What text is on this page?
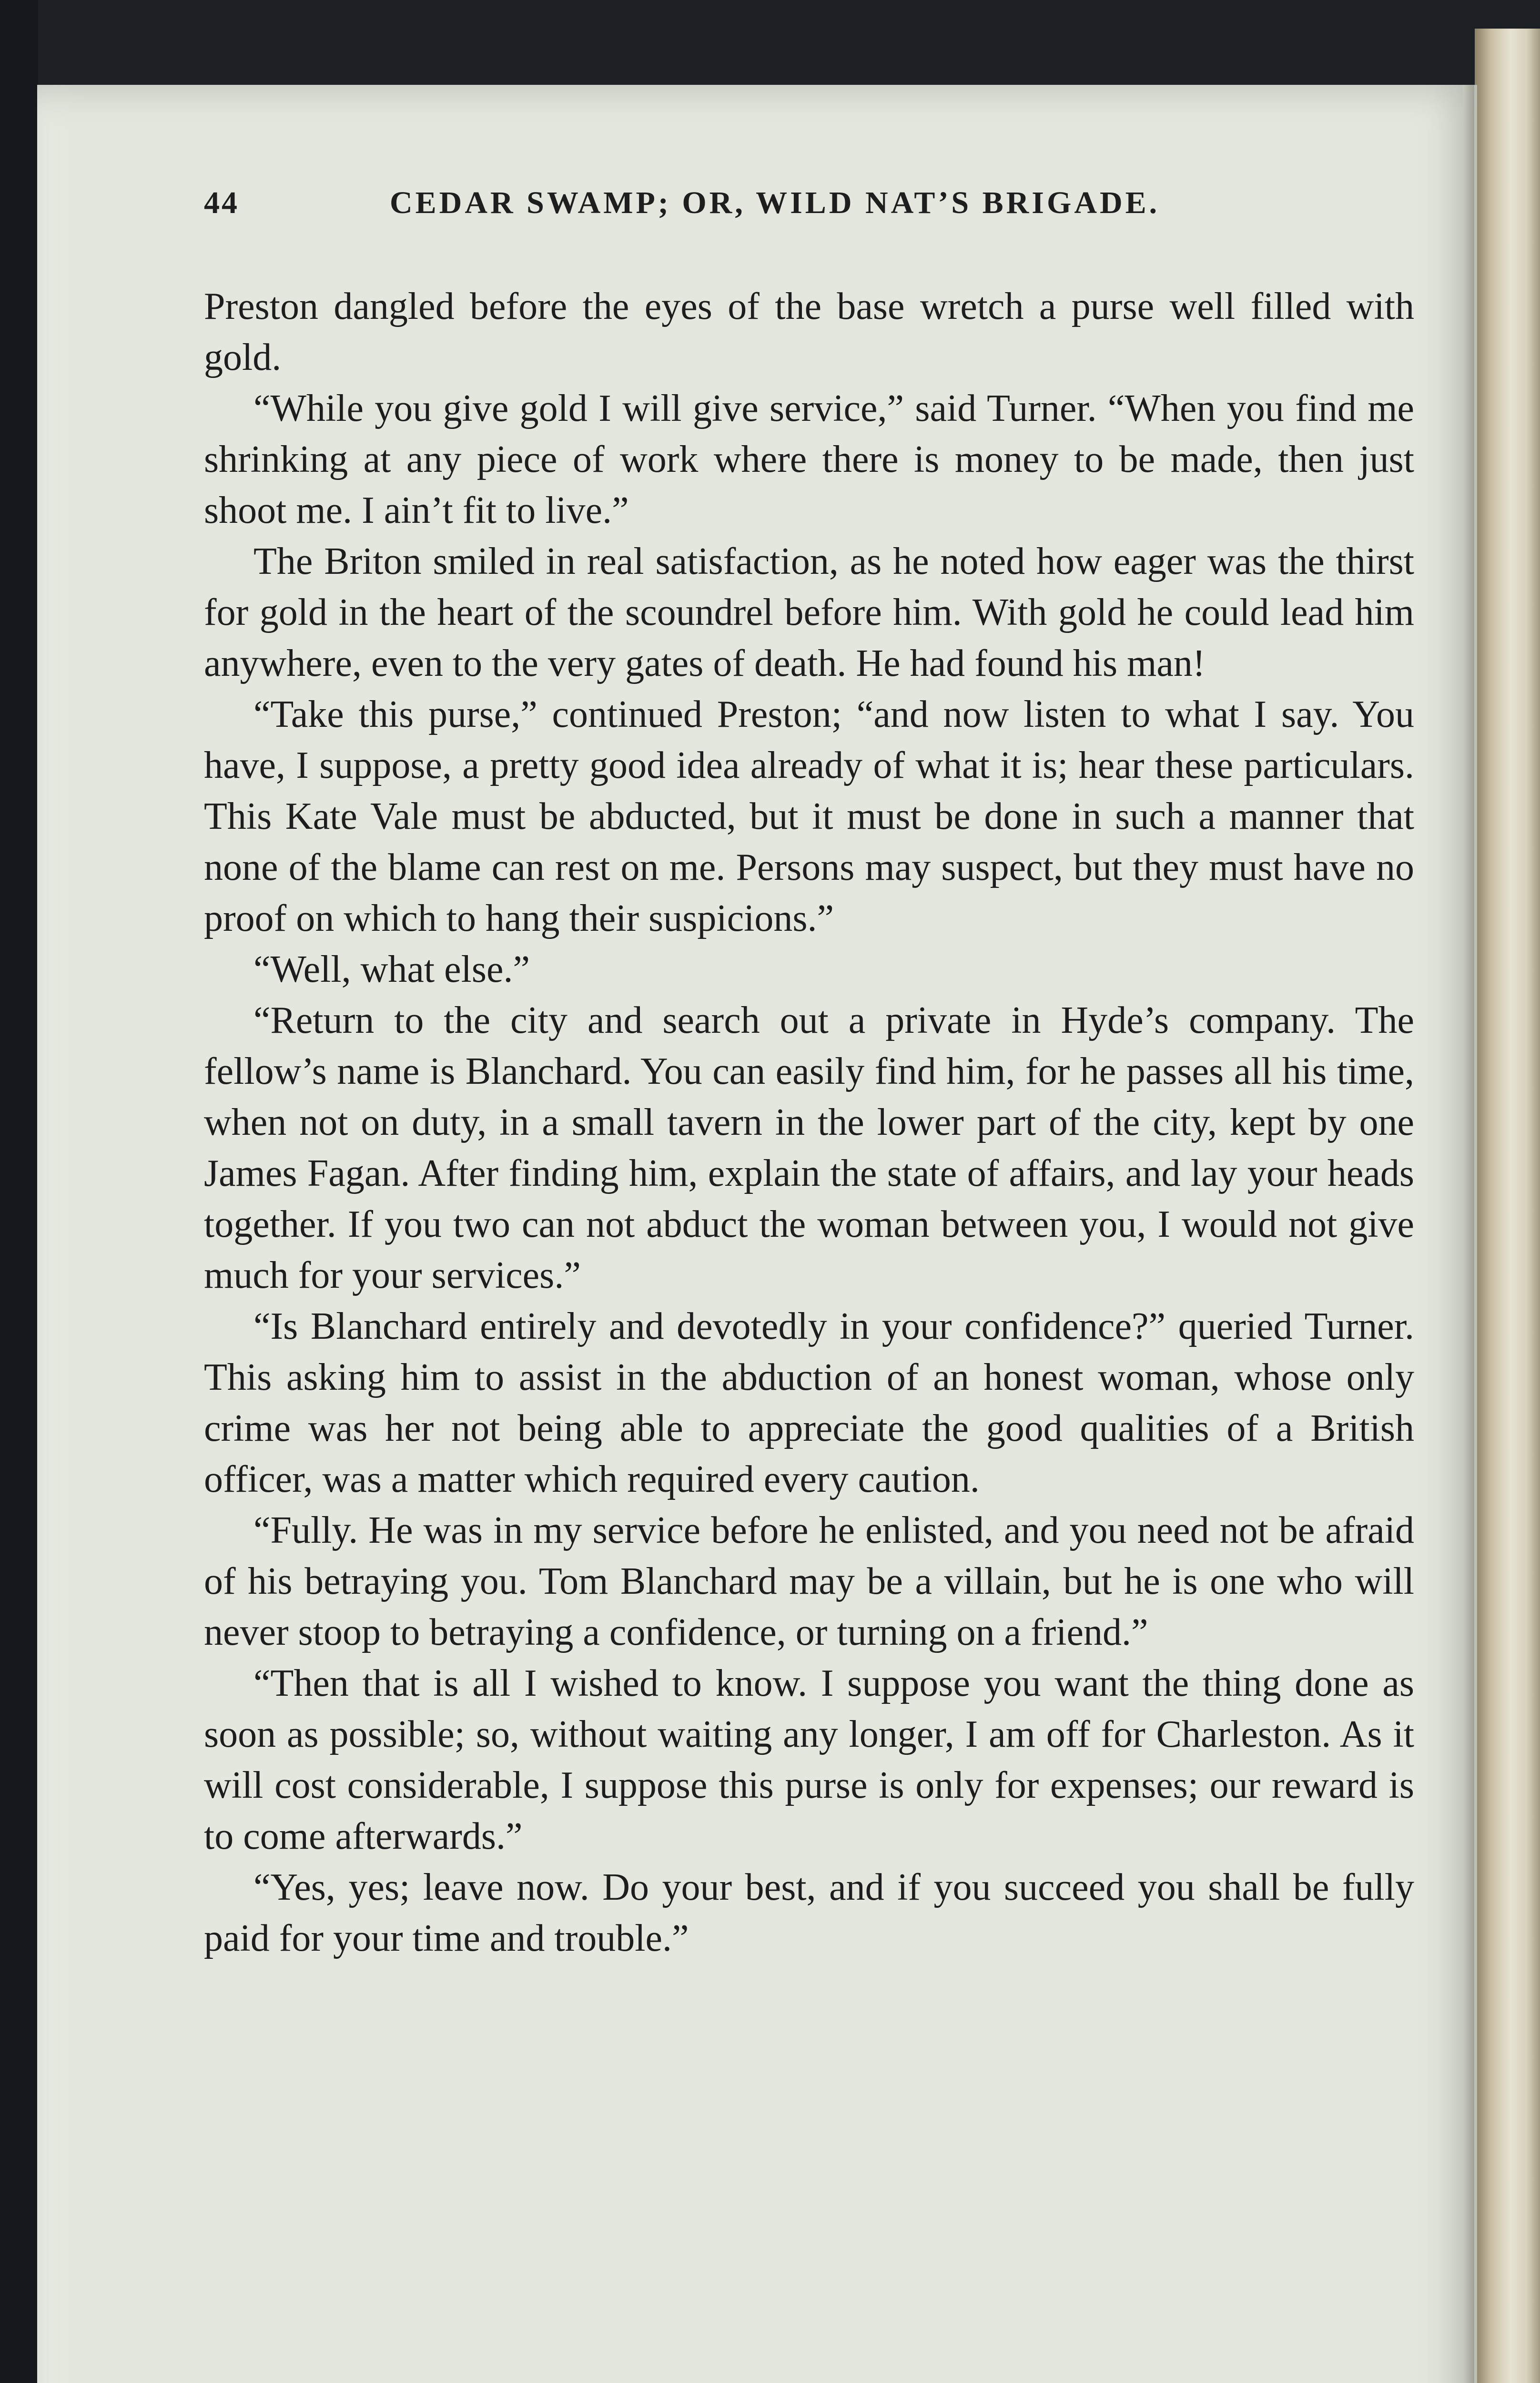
44	CEDAR SWAMP; OR, WILD NAT’S BRIGADE.

Preston dangled before the eyes of the base wretch a purse well filled with gold.

“While you give gold I will give service,” said Turner. “When you find me shrinking at any piece of work where there is money to be made, then just shoot me. I ain’t fit to live.”

The Briton smiled in real satisfaction, as he noted how eager was the thirst for gold in the heart of the scoundrel before him. With gold he could lead him anywhere, even to the very gates of death. He had found his man!

“Take this purse,” continued Preston; “and now listen to what I say. You have, I suppose, a pretty good idea already of what it is; hear these particulars. This Kate Vale must be abducted, but it must be done in such a manner that none of the blame can rest on me. Persons may suspect, but they must have no proof on which to hang their suspicions.”

“Well, what else.”

“Return to the city and search out a private in Hyde’s company. The fellow’s name is Blanchard. You can easily find him, for he passes all his time, when not on duty, in a small tavern in the lower part of the city, kept by one James Fagan. After finding him, explain the state of affairs, and lay your heads together. If you two can not abduct the woman between you, I would not give much for your services.”

“Is Blanchard entirely and devotedly in your confidence?” queried Turner. This asking him to assist in the abduction of an honest woman, whose only crime was her not being able to appreciate the good qualities of a British officer, was a matter which required every caution.

“Fully. He was in my service before he enlisted, and you need not be afraid of his betraying you. Tom Blanchard may be a villain, but he is one who will never stoop to betraying a confidence, or turning on a friend.”

“Then that is all I wished to know. I suppose you want the thing done as soon as possible; so, without waiting any longer, I am off for Charleston. As it will cost considerable, I suppose this purse is only for expenses; our reward is to come afterwards.”

“Yes, yes; leave now. Do your best, and if you succeed you shall be fully paid for your time and trouble.”
